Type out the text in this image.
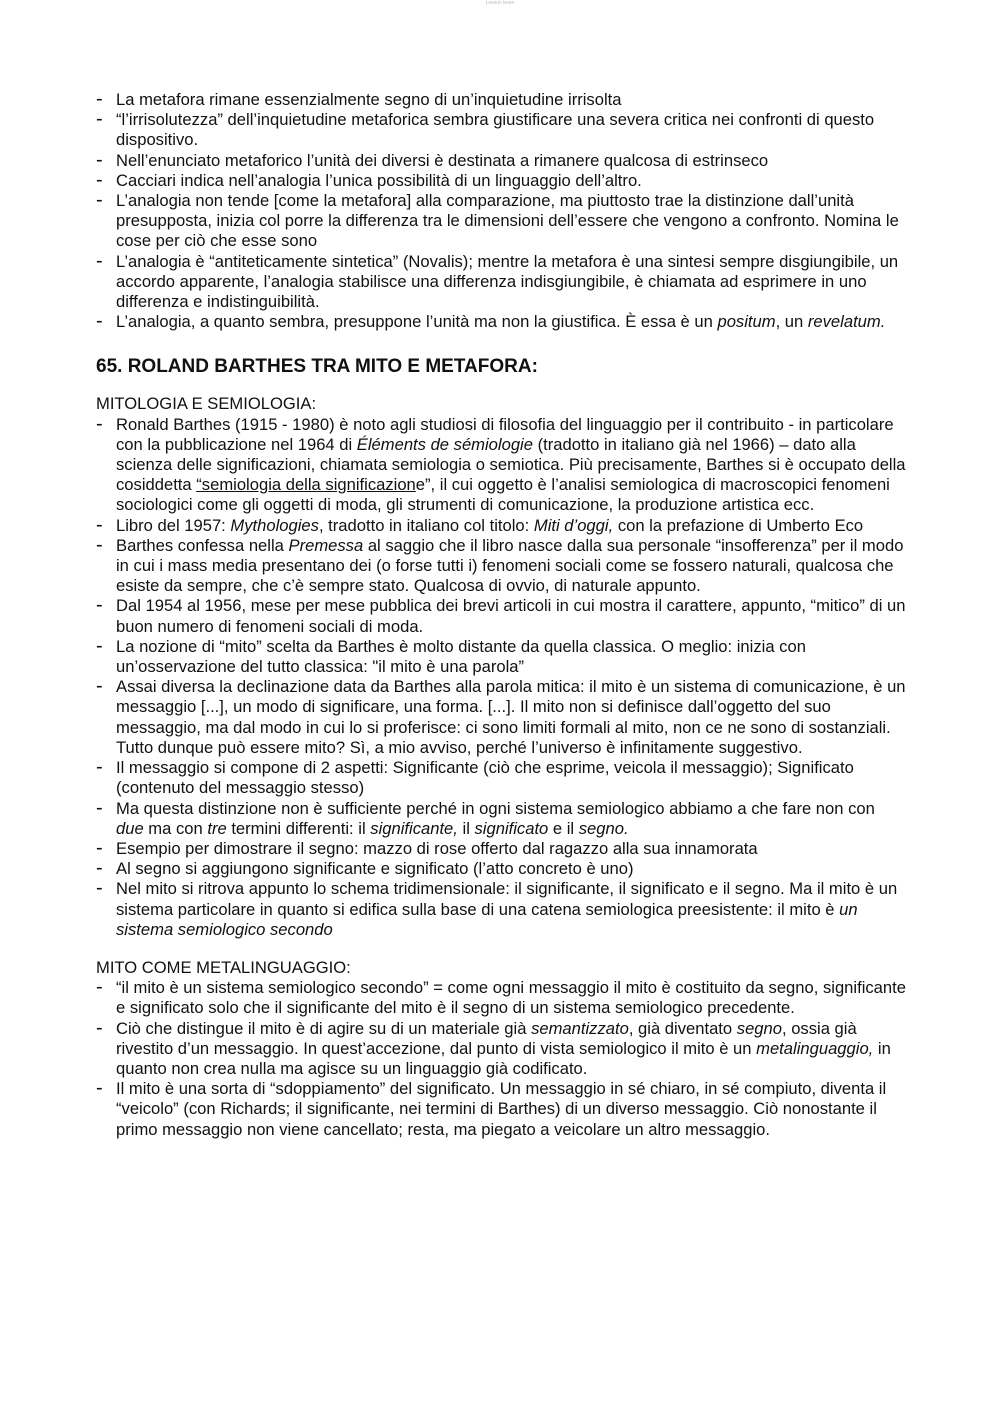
Lesson learn
- La metafora rimane essenzialmente segno di un’inquietudine irrisolta
- “l’irrisolutezza” dell’inquietudine metaforica sembra giustificare una severa critica nei confronti di questo dispositivo.
- Nell’enunciato metaforico l’unità dei diversi è destinata a rimanere qualcosa di estrinseco
- Cacciari indica nell’analogia l’unica possibilità di un linguaggio dell’altro.
- L’analogia non tende [come la metafora] alla comparazione, ma piuttosto trae la distinzione dall’unità presupposta, inizia col porre la differenza tra le dimensioni dell’essere che vengono a confronto. Nomina le cose per ciò che esse sono
- L’analogia è “antiteticamente sintetica” (Novalis); mentre la metafora è una sintesi sempre disgiungibile, un accordo apparente, l’analogia stabilisce una differenza indisgiungibile, è chiamata ad esprimere in uno differenza e indistinguibilità.
- L’analogia, a quanto sembra, presuppone l’unità ma non la giustifica. È essa è un positum, un revelatum.
65. ROLAND BARTHES TRA MITO E METAFORA:
MITOLOGIA E SEMIOLOGIA:
- Ronald Barthes (1915 - 1980) è noto agli studiosi di filosofia del linguaggio per il contribuito - in particolare con la pubblicazione nel 1964 di Éléments de sémiologie (tradotto in italiano già nel 1966) – dato alla scienza delle significazioni, chiamata semiologia o semiotica. Più precisamente, Barthes si è occupato della cosiddetta “semiologia della significazione”, il cui oggetto è l’analisi semiologica di macroscopici fenomeni sociologici come gli oggetti di moda, gli strumenti di comunicazione, la produzione artistica ecc.
- Libro del 1957: Mythologies, tradotto in italiano col titolo: Miti d’oggi, con la prefazione di Umberto Eco
- Barthes confessa nella Premessa al saggio che il libro nasce dalla sua personale “insofferenza” per il modo in cui i mass media presentano dei (o forse tutti i) fenomeni sociali come se fossero naturali, qualcosa che esiste da sempre, che c’è sempre stato. Qualcosa di ovvio, di naturale appunto.
- Dal 1954 al 1956, mese per mese pubblica dei brevi articoli in cui mostra il carattere, appunto, “mitico” di un buon numero di fenomeni sociali di moda.
- La nozione di “mito” scelta da Barthes è molto distante da quella classica. O meglio: inizia con un’osservazione del tutto classica: "il mito è una parola”
- Assai diversa la declinazione data da Barthes alla parola mitica: il mito è un sistema di comunicazione, è un messaggio [...], un modo di significare, una forma. [...]. Il mito non si definisce dall’oggetto del suo messaggio, ma dal modo in cui lo si proferisce: ci sono limiti formali al mito, non ce ne sono di sostanziali. Tutto dunque può essere mito? Sì, a mio avviso, perché l’universo è infinitamente suggestivo.
- Il messaggio si compone di 2 aspetti: Significante (ciò che esprime, veicola il messaggio); Significato (contenuto del messaggio stesso)
- Ma questa distinzione non è sufficiente perché in ogni sistema semiologico abbiamo a che fare non con due ma con tre termini differenti: il significante, il significato e il segno.
- Esempio per dimostrare il segno: mazzo di rose offerto dal ragazzo alla sua innamorata
- Al segno si aggiungono significante e significato (l’atto concreto è uno)
- Nel mito si ritrova appunto lo schema tridimensionale: il significante, il significato e il segno. Ma il mito è un sistema particolare in quanto si edifica sulla base di una catena semiologica preesistente: il mito è un sistema semiologico secondo
MITO COME METALINGUAGGIO:
- “il mito è un sistema semiologico secondo” = come ogni messaggio il mito è costituito da segno, significante e significato solo che il significante del mito è il segno di un sistema semiologico precedente.
- Ciò che distingue il mito è di agire su di un materiale già semantizzato, già diventato segno, ossia già rivestito d’un messaggio. In quest’accezione, dal punto di vista semiologico il mito è un metalinguaggio, in quanto non crea nulla ma agisce su un linguaggio già codificato.
- Il mito è una sorta di “sdoppiamento” del significato. Un messaggio in sé chiaro, in sé compiuto, diventa il “veicolo” (con Richards; il significante, nei termini di Barthes) di un diverso messaggio. Ciò nonostante il primo messaggio non viene cancellato; resta, ma piegato a veicolare un altro messaggio.
